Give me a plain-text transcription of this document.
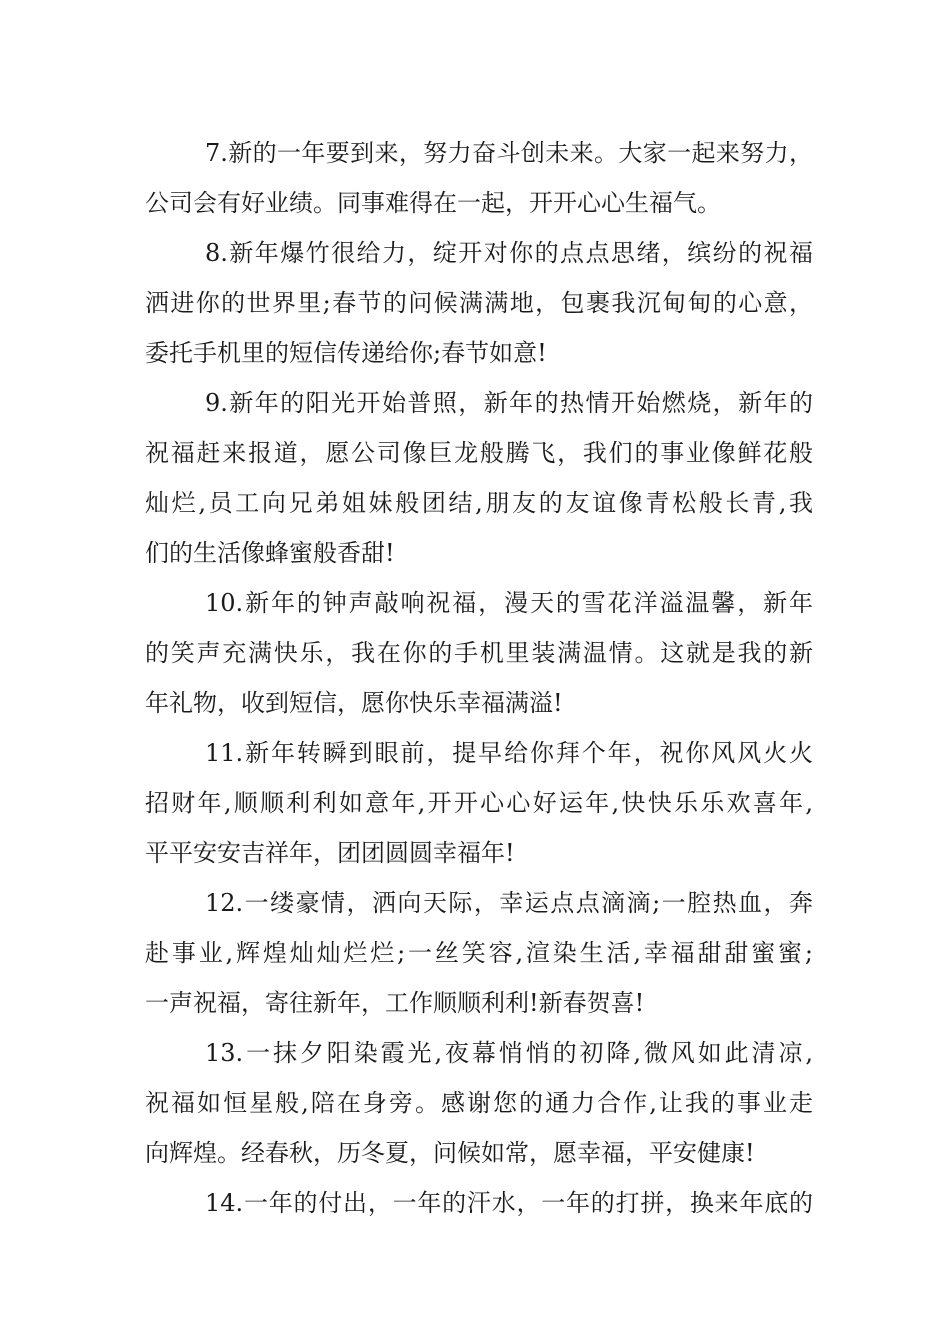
7.新的一年要到来，努力奋斗创未来。大家一起来努力，
公司会有好业绩。同事难得在一起，开开心心生福气。

8.新年爆竹很给力，绽开对你的点点思绪，缤纷的祝福
洒进你的世界里;春节的问候满满地，包裹我沉甸甸的心意，
委托手机里的短信传递给你;春节如意!

9.新年的阳光开始普照，新年的热情开始燃烧，新年的
祝福赶来报道，愿公司像巨龙般腾飞，我们的事业像鲜花般
灿烂,员工向兄弟姐妹般团结,朋友的友谊像青松般长青,我
们的生活像蜂蜜般香甜!

10.新年的钟声敲响祝福，漫天的雪花洋溢温馨，新年
的笑声充满快乐，我在你的手机里装满温情。这就是我的新
年礼物，收到短信，愿你快乐幸福满溢!

11.新年转瞬到眼前，提早给你拜个年，祝你风风火火
招财年,顺顺利利如意年,开开心心好运年,快快乐乐欢喜年,
平平安安吉祥年，团团圆圆幸福年!

12.一缕豪情，洒向天际，幸运点点滴滴;一腔热血，奔
赴事业,辉煌灿灿烂烂;一丝笑容,渲染生活,幸福甜甜蜜蜜;
一声祝福，寄往新年，工作顺顺利利!新春贺喜!

13.一抹夕阳染霞光,夜幕悄悄的初降,微风如此清凉,
祝福如恒星般,陪在身旁。感谢您的通力合作,让我的事业走
向辉煌。经春秋，历冬夏，问候如常，愿幸福，平安健康!

14.一年的付出，一年的汗水，一年的打拼，换来年底的
